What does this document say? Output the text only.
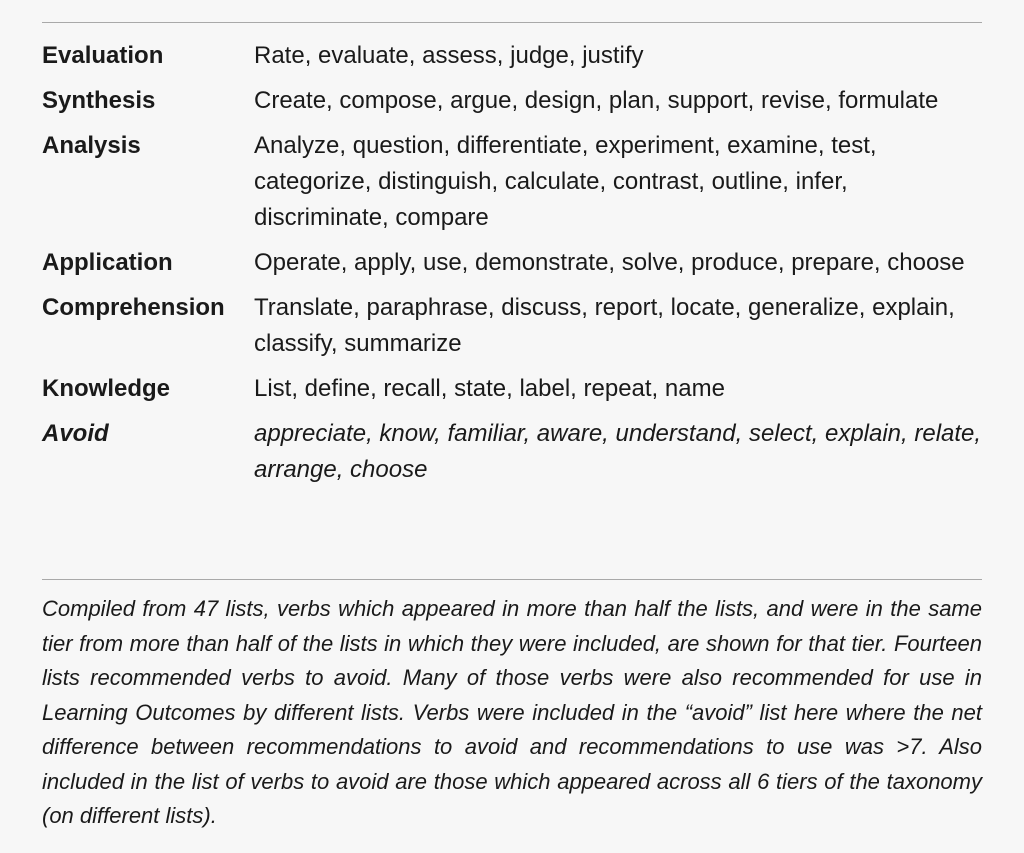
Evaluation	Rate, evaluate, assess, judge, justify
Synthesis	Create, compose, argue, design, plan, support, revise, formulate
Analysis	Analyze, question, differentiate, experiment, examine, test, categorize, distinguish, calculate, contrast, outline, infer, discriminate, compare
Application	Operate, apply, use, demonstrate, solve, produce, prepare, choose
Comprehension	Translate, paraphrase, discuss, report, locate, generalize, explain, classify, summarize
Knowledge	List, define, recall, state, label, repeat, name
Avoid	appreciate, know, familiar, aware, understand, select, explain, relate, arrange, choose

Compiled from 47 lists, verbs which appeared in more than half the lists, and were in the same tier from more than half of the lists in which they were included, are shown for that tier. Fourteen lists recommended verbs to avoid. Many of those verbs were also recommended for use in Learning Outcomes by different lists. Verbs were included in the “avoid” list here where the net difference between recommendations to avoid and recommendations to use was >7. Also included in the list of verbs to avoid are those which appeared across all 6 tiers of the taxonomy (on different lists).
